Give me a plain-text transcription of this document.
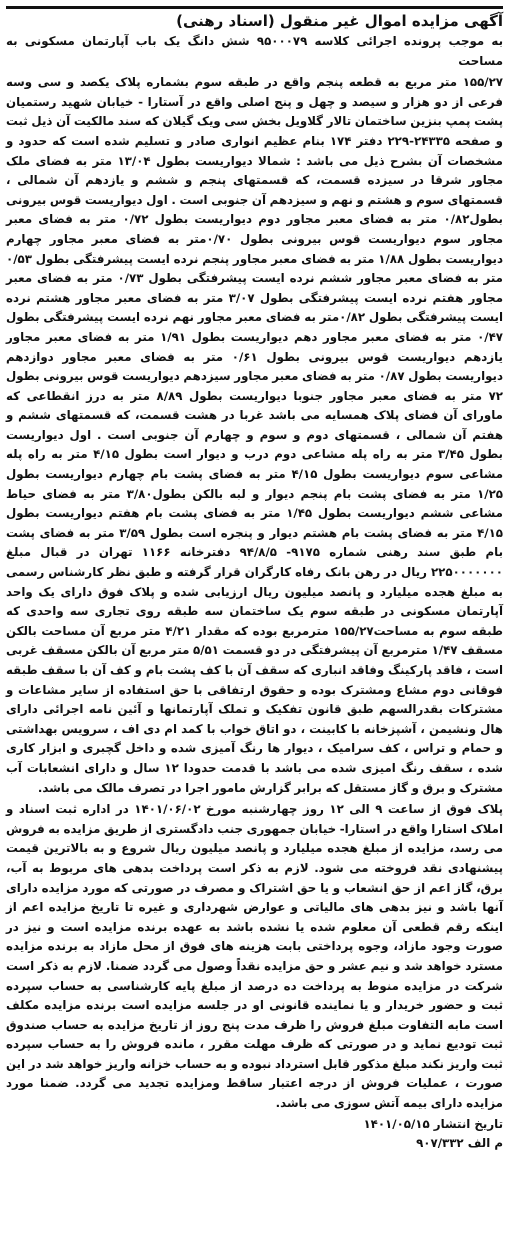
آگهی مزایده اموال غیر منقول (اسناد رهنی)

به موجب پرونده اجرائی کلاسه ۹۵۰۰۰۷۹ شش دانگ یک باب آپارتمان مسکونی به مساحت

۱۵۵/۲۷ متر مربع به قطعه پنجم واقع در طبقه سوم بشماره پلاک یکصد و سی وسه فرعی از دو هزار و سیصد و چهل و پنج اصلی واقع در آستارا - خیابان شهید رستمیان پشت پمپ بنزین ساختمان تالار گلاویل بخش سی ویک گیلان که سند مالکیت آن ذیل ثبت و صفحه ۲۴۳۳۵-۲۲۹ دفتر ۱۷۴ بنام عظیم انواری صادر و تسلیم شده است که حدود و مشخصات آن بشرح ذیل می باشد : شمالا دیواریست بطول ۱۳/۰۴ متر به فضای ملک مجاور شرقا در سیزده قسمت، که قسمتهای پنجم و ششم و یازدهم آن شمالی ، قسمتهای سوم و هشتم و نهم و سیزدهم آن جنوبی است . اول دیواریست قوس بیرونی بطول۰/۸۲ متر به فضای معبر مجاور دوم دیواریست بطول ۰/۷۲ متر به فضای معبر مجاور سوم دیواریست قوس بیرونی بطول ۰/۷۰متر به فضای معبر مجاور چهارم دیواریست بطول ۱/۸۸ متر به فضای معبر مجاور پنجم نرده ایست پیشرفتگی بطول ۰/۵۳ متر به فضای معبر مجاور ششم نرده ایست پیشرفتگی بطول ۰/۷۳ متر به فضای معبر مجاور هفتم نرده ایست پیشرفتگی بطول ۳/۰۷ متر به فضای معبر مجاور هشتم نرده ایست پیشرفتگی بطول ۰/۸۲متر به فضای معبر مجاور نهم نرده ایست پیشرفتگی بطول ۰/۴۷ متر به فضای معبر مجاور دهم دیواریست بطول ۱/۹۱ متر به فضای معبر مجاور یازدهم دیواریست قوس بیرونی بطول ۰/۶۱ متر به فضای معبر مجاور دوازدهم دیواریست بطول ۰/۸۷ متر به فضای معبر مجاور سیزدهم دیواریست قوس بیرونی بطول ۷۲ متر به فضای معبر مجاور جنوبا دیواریست بطول ۸/۸۹ متر به درز انقطاعی که ماورای آن فضای پلاک همسایه می باشد غربا در هشت قسمت، که قسمتهای ششم و هفتم آن شمالی ، قسمتهای دوم و سوم و چهارم آن جنوبی است . اول دیواریست بطول ۳/۴۵ متر به راه پله مشاعی دوم درب و دیوار است بطول ۴/۱۵ متر به راه پله مشاعی سوم دیواریست بطول ۴/۱۵ متر به فضای پشت بام چهارم دیواریست بطول ۱/۲۵ متر به فضای پشت بام پنجم دیوار و لبه بالکن بطول۳/۸۰ متر به فضای حیاط مشاعی ششم دیواریست بطول ۱/۴۵ متر به فضای پشت بام هفتم دیواریست بطول ۴/۱۵ متر به فضای پشت بام هشتم دیوار و پنجره است بطول ۳/۵۹ متر به فضای پشت بام طبق سند رهنی شماره ۹۱۷۵- ۹۴/۸/۵ دفترخانه ۱۱۶۶ تهران در قبال مبلغ ۲۲۵۰۰۰۰۰۰۰ ریال در رهن بانک رفاه کارگران قرار گرفته و طبق نظر کارشناس رسمی به مبلغ هجده میلیارد و پانصد میلیون ریال ارزیابی شده و پلاک فوق دارای یک واحد آپارتمان مسکونی در طبقه سوم یک ساختمان سه طبقه روی تجاری سه واحدی که طبقه سوم به مساحت۱۵۵/۲۷ مترمربع بوده که مقدار ۴/۲۱ متر مربع آن مساحت بالکن مسقف ۱/۴۷ مترمربع آن پیشرفتگی در دو قسمت ۵/۵۱ متر مربع آن بالکن مسقف غربی است ، فاقد پارکینگ وفاقد انباری که سقف آن با کف پشت بام و کف آن با سقف طبقه فوقانی دوم مشاع ومشترک بوده و حقوق ارتفاقی با حق استفاده از سایر مشاعات و مشترکات بقدرالسهم طبق قانون تفکیک و تملک آپارتمانها و آئین نامه اجرائی دارای هال ونشیمن ، آشپزخانه با کابینت ، دو اتاق خواب با کمد ام دی اف ، سرویس بهداشتی و حمام و تراس ، کف سرامیک ، دیوار ها رنگ آمیزی شده و داخل گچبری و ابزار کاری شده ، سقف رنگ امیزی شده می باشد با قدمت حدودا ۱۲ سال و دارای انشعابات آب مشترک و برق و گاز مستقل که برابر گزارش مامور اجرا در تصرف مالک می باشد.

پلاک فوق از ساعت ۹ الی ۱۲ روز چهارشنبه مورخ ۱۴۰۱/۰۶/۰۲ در اداره ثبت اسناد و املاک استارا واقع در استارا- خیابان جمهوری جنب دادگستری از طریق مزایده به فروش می رسد، مزایده از مبلغ هجده میلیارد و پانصد میلیون ریال شروع و به بالاترین قیمت پیشنهادی نقد فروخته می شود. لازم به ذکر است پرداخت بدهی های مربوط به آب، برق، گاز اعم از حق انشعاب و یا حق اشتراک و مصرف در صورتی که مورد مزایده دارای آنها باشد و نیز بدهی های مالیاتی و عوارض شهرداری و غیره تا تاریخ مزایده اعم از اینکه رقم قطعی آن معلوم شده یا نشده باشد به عهده برنده مزایده است و نیز در صورت وجود مازاد، وجوه پرداختی بابت هزینه های فوق از محل مازاد به برنده مزایده مسترد خواهد شد و نیم عشر و حق مزایده نقداً وصول می گردد ضمنا. لازم به ذکر است شرکت در مزایده منوط به پرداخت ده درصد از مبلغ پایه کارشناسی به حساب سپرده ثبت و حضور خریدار و یا نماینده قانونی او در جلسه مزایده است برنده مزایده مکلف است مابه التفاوت مبلغ فروش را ظرف مدت پنج روز از تاریخ مزایده به حساب صندوق ثبت تودیع نماید و در صورتی که ظرف مهلت مقرر ، مانده فروش را به حساب سپرده ثبت واریز نکند مبلغ مذکور قابل استرداد نبوده و به حساب خزانه واریز خواهد شد در این صورت ، عملیات فروش از درجه اعتبار ساقط ومزایده تجدید می گردد. ضمنا مورد مزایده دارای بیمه آتش سوزی می باشد.

تاریخ انتشار ۱۴۰۱/۰۵/۱۵
م الف ۹۰۷/۳۳۲
